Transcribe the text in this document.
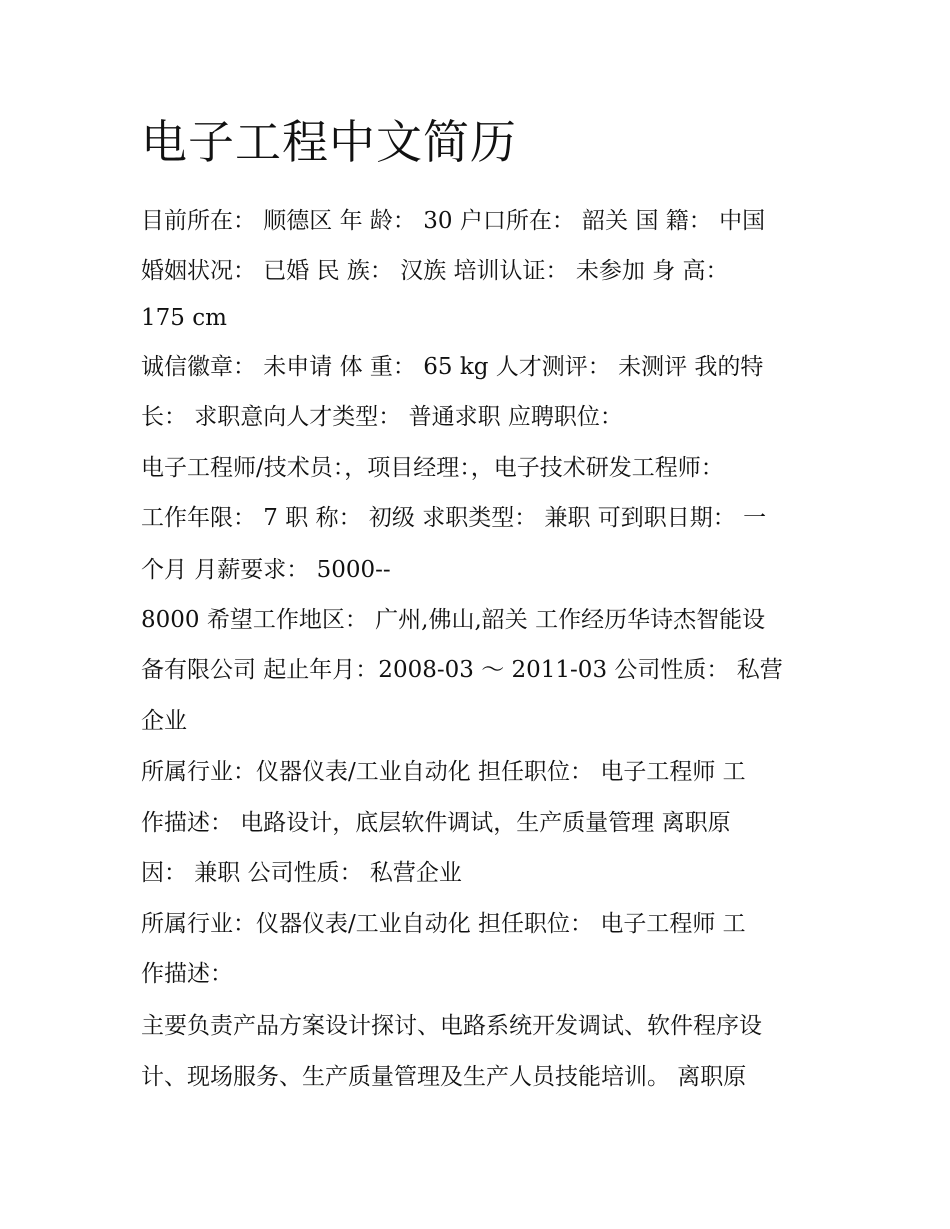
电子工程中文简历

目前所在： 顺德区 年 龄： 30 户口所在： 韶关 国 籍： 中国

婚姻状况： 已婚 民 族： 汉族 培训认证： 未参加 身 高：

175 cm

诚信徽章： 未申请 体 重： 65 kg 人才测评： 未测评 我的特

长： 求职意向人才类型： 普通求职 应聘职位：

电子工程师/技术员：，项目经理：，电子技术研发工程师：

工作年限： 7 职 称： 初级 求职类型： 兼职 可到职日期： 一

个月 月薪要求： 5000--

8000 希望工作地区： 广州,佛山,韶关 工作经历华诗杰智能设

备有限公司 起止年月：2008-03 ～ 2011-03 公司性质： 私营

企业

所属行业：仪器仪表/工业自动化 担任职位： 电子工程师 工

作描述： 电路设计，底层软件调试，生产质量管理 离职原

因： 兼职 公司性质： 私营企业

所属行业：仪器仪表/工业自动化 担任职位： 电子工程师 工

作描述：

主要负责产品方案设计探讨、电路系统开发调试、软件程序设

计、现场服务、生产质量管理及生产人员技能培训。 离职原
